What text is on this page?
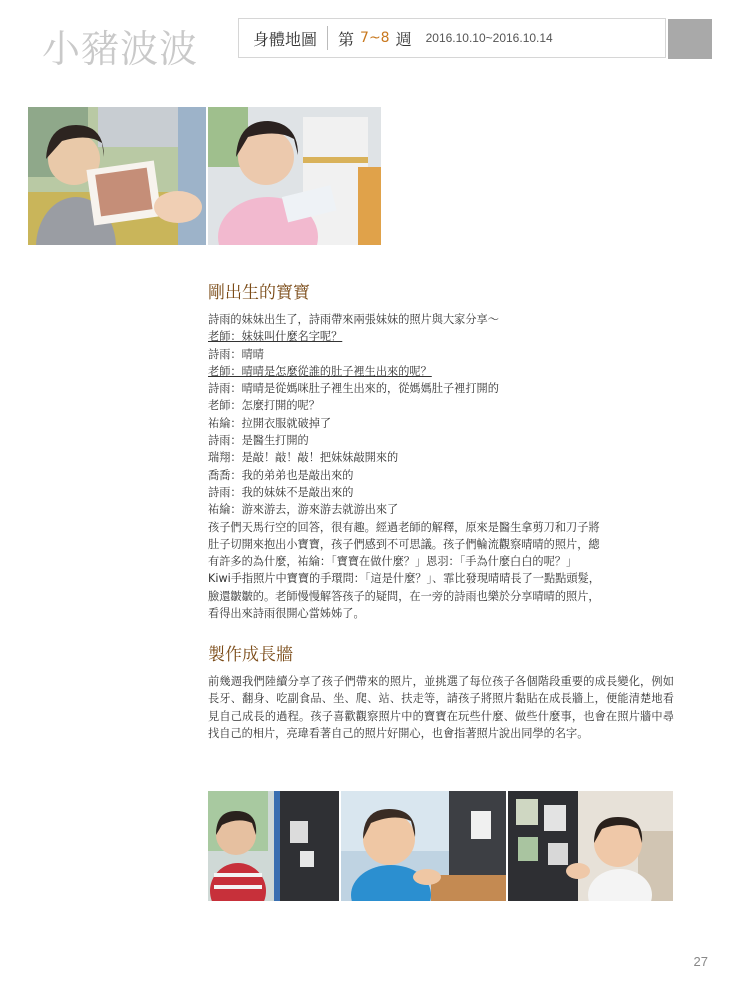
小豬波波	身體地圖 第 7~8 週 2016.10.10~2016.10.14
剛出生的寶寶
詩雨的妹妹出生了，詩雨帶來兩張妹妹的照片與大家分享～
老師：妹妹叫什麼名字呢？
詩雨：晴晴
老師：晴晴是怎麼從誰的肚子裡生出來的呢？
詩雨：晴晴是從媽咪肚子裡生出來的，從媽媽肚子裡打開的
老師：怎麼打開的呢？
祐綸：拉開衣服就破掉了
詩雨：是醫生打開的
瑞翔：是敲！敲！敲！把妹妹敲開來的
喬喬：我的弟弟也是敲出來的
詩雨：我的妹妹不是敲出來的
祐綸：游來游去，游來游去就游出來了
孩子們天馬行空的回答，很有趣。經過老師的解釋，原來是醫生拿剪刀和刀子將
肚子切開來抱出小寶寶，孩子們感到不可思議。孩子們輪流觀察晴晴的照片，總
有許多的為什麼，祐綸：「寶寶在做什麼？」恩羽：「手為什麼白白的呢？」
Kiwi手指照片中寶寶的手環問：「這是什麼？」、霏比發現晴晴長了一點點頭髮，
臉還皺皺的。老師慢慢解答孩子的疑問，在一旁的詩雨也樂於分享晴晴的照片，
看得出來詩雨很開心當姊姊了。
製作成長牆
前幾週我們陸續分享了孩子們帶來的照片，並挑選了每位孩子各個階段重要的成長變化，例如長牙、翻身、吃副食品、坐、爬、站、扶走等，請孩子將照片黏貼在成長牆上，便能清楚地看見自己成長的過程。孩子喜歡觀察照片中的寶寶在玩些什麼、做些什麼事，也會在照片牆中尋找自己的相片，亮瑋看著自己的照片好開心，也會指著照片說出同學的名字。
27
